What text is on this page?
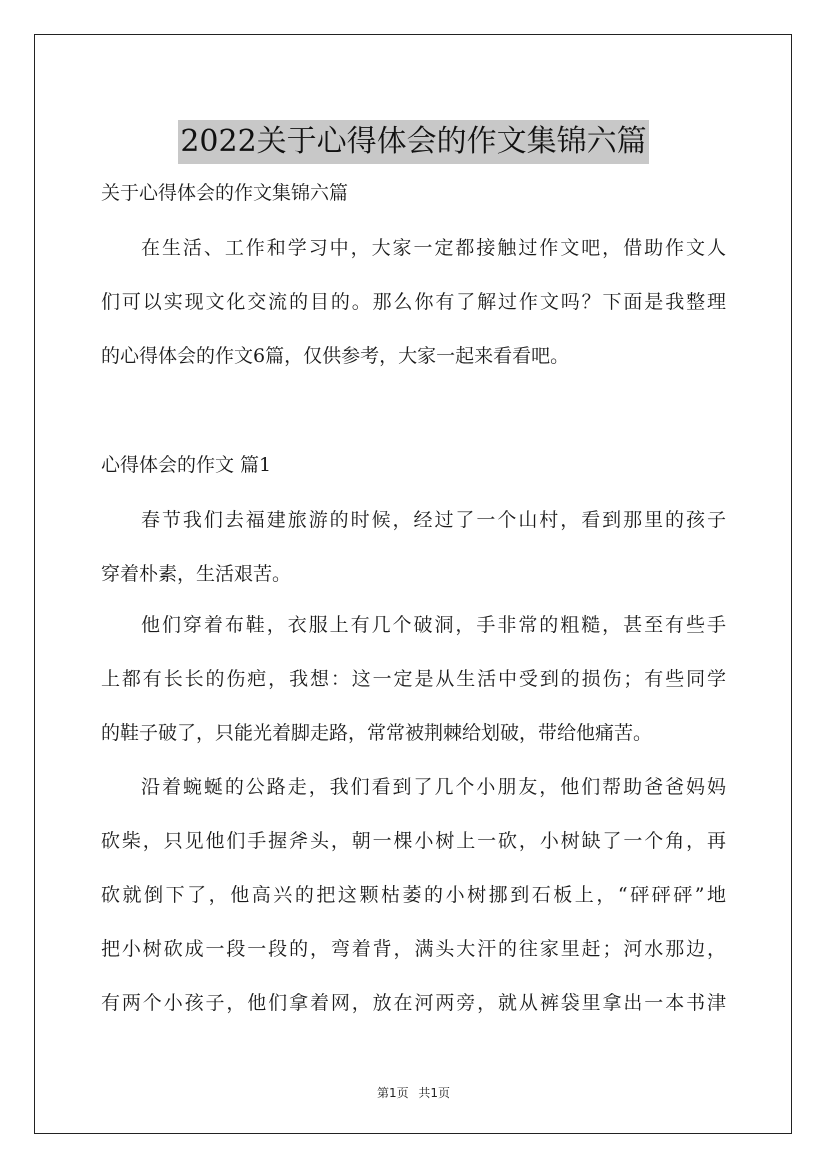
2022关于心得体会的作文集锦六篇
关于心得体会的作文集锦六篇
在生活、工作和学习中，大家一定都接触过作文吧，借助作文人
们可以实现文化交流的目的。那么你有了解过作文吗？下面是我整理
的心得体会的作文6篇，仅供参考，大家一起来看看吧。
心得体会的作文 篇1
春节我们去福建旅游的时候，经过了一个山村，看到那里的孩子
穿着朴素，生活艰苦。
他们穿着布鞋，衣服上有几个破洞，手非常的粗糙，甚至有些手
上都有长长的伤疤，我想：这一定是从生活中受到的损伤；有些同学
的鞋子破了，只能光着脚走路，常常被荆棘给划破，带给他痛苦。
沿着蜿蜒的公路走，我们看到了几个小朋友，他们帮助爸爸妈妈
砍柴，只见他们手握斧头，朝一棵小树上一砍，小树缺了一个角，再
砍就倒下了，他高兴的把这颗枯萎的小树挪到石板上，“砰砰砰”地
把小树砍成一段一段的，弯着背，满头大汗的往家里赶；河水那边，
有两个小孩子，他们拿着网，放在河两旁，就从裤袋里拿出一本书津
第1页 共1页
